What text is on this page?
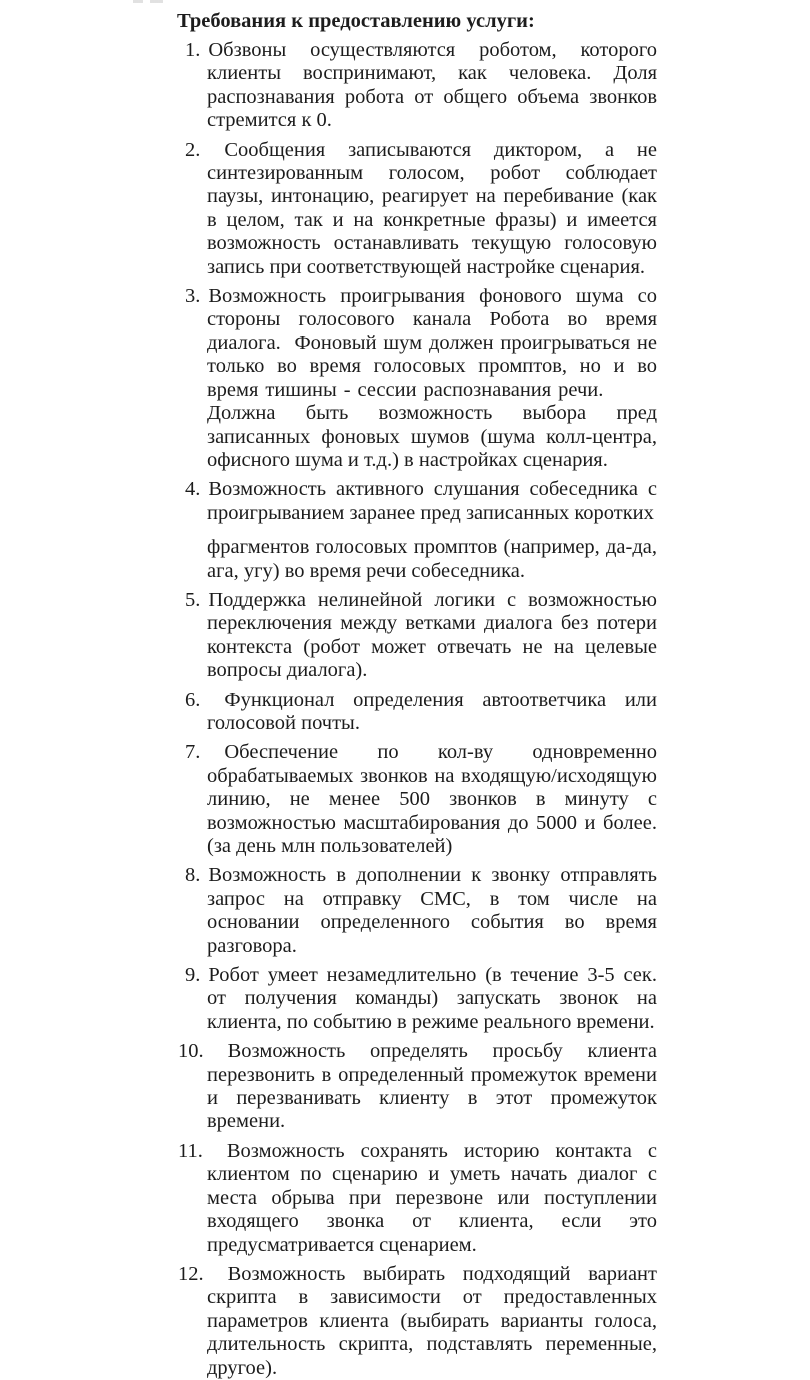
Требования к предоставлению услуги:

1. Обзвоны осуществляются роботом, которого клиенты воспринимают, как человека. Доля распознавания робота от общего объема звонков стремится к 0.

2. Сообщения записываются диктором, а не синтезированным голосом, робот соблюдает паузы, интонацию, реагирует на перебивание (как в целом, так и на конкретные фразы) и имеется возможность останавливать текущую голосовую запись при соответствующей настройке сценария.

3. Возможность проигрывания фонового шума со стороны голосового канала Робота во время диалога.  Фоновый шум должен проигрываться не только во время голосовых промптов, но и во время тишины - сессии распознавания речи.         Должна быть возможность выбора пред записанных фоновых шумов (шума колл-центра, офисного шума и т.д.) в настройках сценария.

4. Возможность активного слушания собеседника с проигрыванием заранее пред записанных коротких

фрагментов голосовых промптов (например, да-да, ага, угу) во время речи собеседника.

5. Поддержка нелинейной логики с возможностью переключения между ветками диалога без потери контекста (робот может отвечать не на целевые вопросы диалога).

6. Функционал определения автоответчика или голосовой почты.

7. Обеспечение по кол-ву одновременно обрабатываемых звонков на входящую/исходящую линию, не менее 500 звонков в минуту с возможностью масштабирования до 5000 и более. (за день млн пользователей)

8. Возможность в дополнении к звонку отправлять запрос на отправку СМС, в том числе на основании определенного события во время разговора.

9. Робот умеет незамедлительно (в течение 3-5 сек. от получения команды) запускать звонок на клиента, по событию в режиме реального времени.

10. Возможность определять просьбу клиента перезвонить в определенный промежуток времени и перезванивать клиенту в этот промежуток времени.

11. Возможность сохранять историю контакта с клиентом по сценарию и уметь начать диалог с места обрыва при перезвоне или поступлении входящего звонка от клиента, если это предусматривается сценарием.

12. Возможность выбирать подходящий вариант скрипта в зависимости от предоставленных параметров клиента (выбирать варианты голоса, длительность скрипта, подставлять переменные, другое).
